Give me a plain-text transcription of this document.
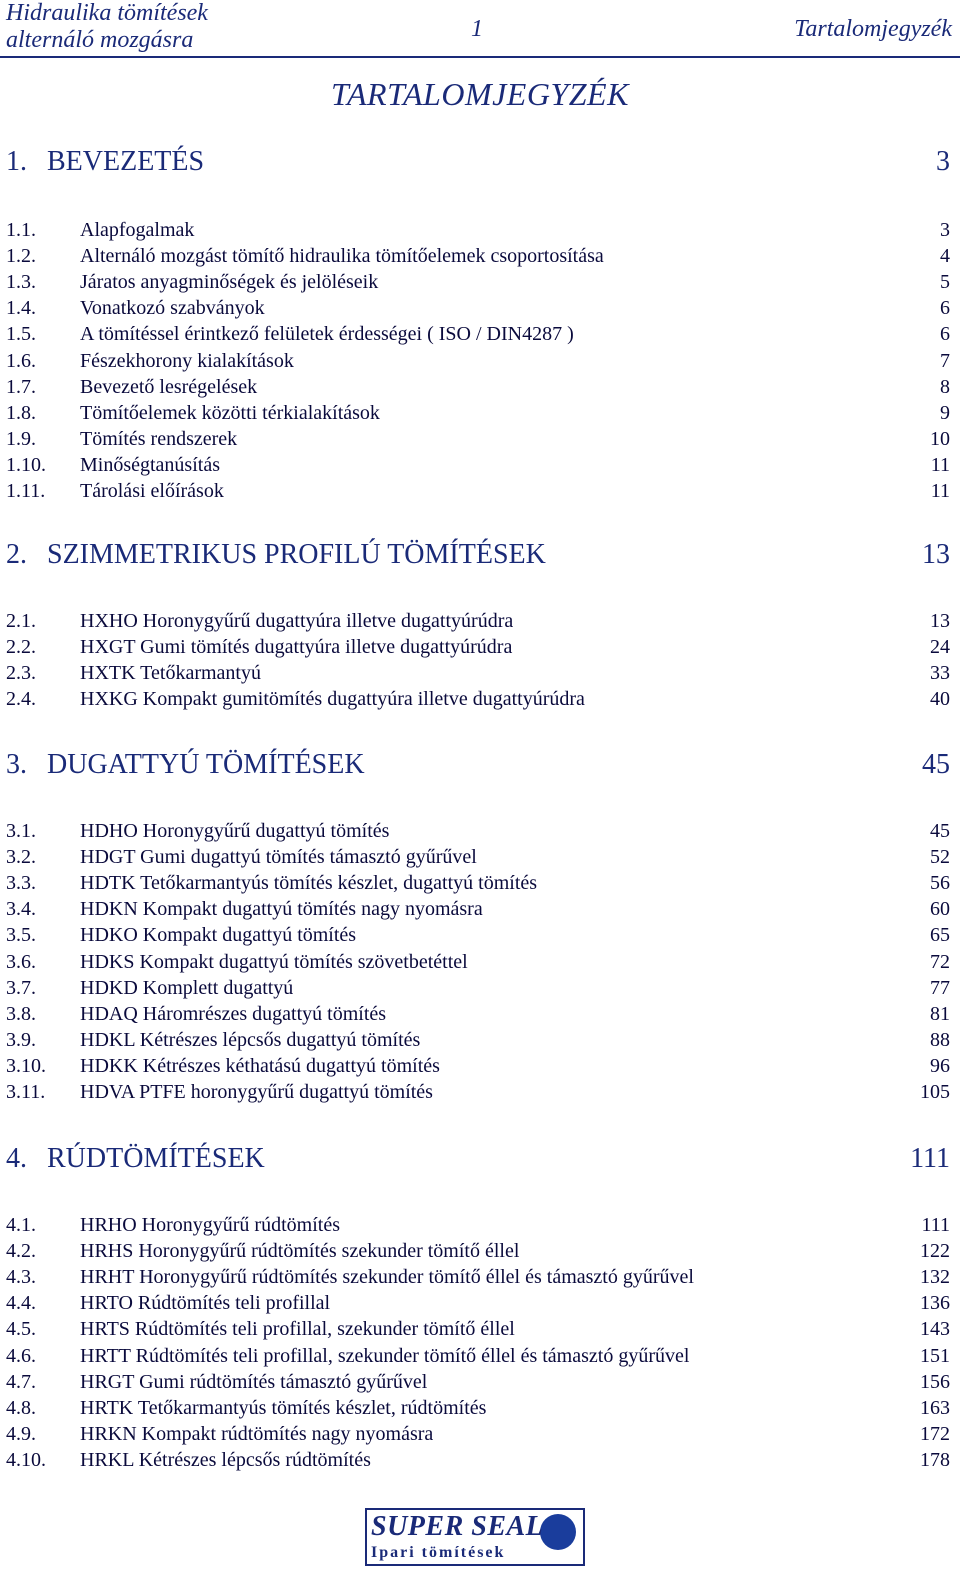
Hidraulika tömítések
alternáló mozgásra	1	Tartalomjegyzék
TARTALOMJEGYZÉK
1. BEVEZETÉS	3
1.1. Alapfogalmak	3
1.2. Alternáló mozgást tömítő hidraulika tömítőelemek csoportosítása	4
1.3. Járatos anyagminőségek és jelöléseik	5
1.4. Vonatkozó szabványok	6
1.5. A tömítéssel érintkező felületek érdességei ( ISO / DIN4287 )	6
1.6. Fészekhorony kialakítások	7
1.7. Bevezető lesrégelések	8
1.8. Tömítőelemek közötti térkialakítások	9
1.9. Tömítés rendszerek	10
1.10. Minőségtanúsítás	11
1.11. Tárolási előírások	11
2. SZIMMETRIKUS PROFILÚ TÖMÍTÉSEK	13
2.1. HXHO Horonygyűrű dugattyúra illetve dugattyúrúdra	13
2.2. HXGT Gumi tömítés dugattyúra illetve dugattyúrúdra	24
2.3. HXTK Tetőkarmantyú	33
2.4. HXKG Kompakt gumitömítés dugattyúra illetve dugattyúrúdra	40
3. DUGATTYÚ TÖMÍTÉSEK	45
3.1. HDHO Horonygyűrű dugattyú tömítés	45
3.2. HDGT Gumi dugattyú tömítés támasztó gyűrűvel	52
3.3. HDTK Tetőkarmantyús tömítés készlet, dugattyú tömítés	56
3.4. HDKN Kompakt dugattyú tömítés nagy nyomásra	60
3.5. HDKO Kompakt dugattyú tömítés	65
3.6. HDKS Kompakt dugattyú tömítés szövetbetéttel	72
3.7. HDKD Komplett dugattyú	77
3.8. HDAQ Háromrészes dugattyú tömítés	81
3.9. HDKL Kétrészes lépcsős dugattyú tömítés	88
3.10. HDKK Kétrészes kéthatású dugattyú tömítés	96
3.11. HDVA PTFE horonygyűrű dugattyú tömítés	105
4. RÚDTÖMÍTÉSEK	111
4.1. HRHO Horonygyűrű rúdtömítés	111
4.2. HRHS Horonygyűrű rúdtömítés szekunder tömítő éllel	122
4.3. HRHT Horonygyűrű rúdtömítés szekunder tömítő éllel és támasztó gyűrűvel	132
4.4. HRTO Rúdtömítés teli profillal	136
4.5. HRTS Rúdtömítés teli profillal, szekunder tömítő éllel	143
4.6. HRTT Rúdtömítés teli profillal, szekunder tömítő éllel és támasztó gyűrűvel	151
4.7. HRGT Gumi rúdtömítés támasztó gyűrűvel	156
4.8. HRTK Tetőkarmantyús tömítés készlet, rúdtömítés	163
4.9. HRKN Kompakt rúdtömítés nagy nyomásra	172
4.10. HRKL Kétrészes lépcsős rúdtömítés	178
SUPER SEAL
Ipari tömítések
